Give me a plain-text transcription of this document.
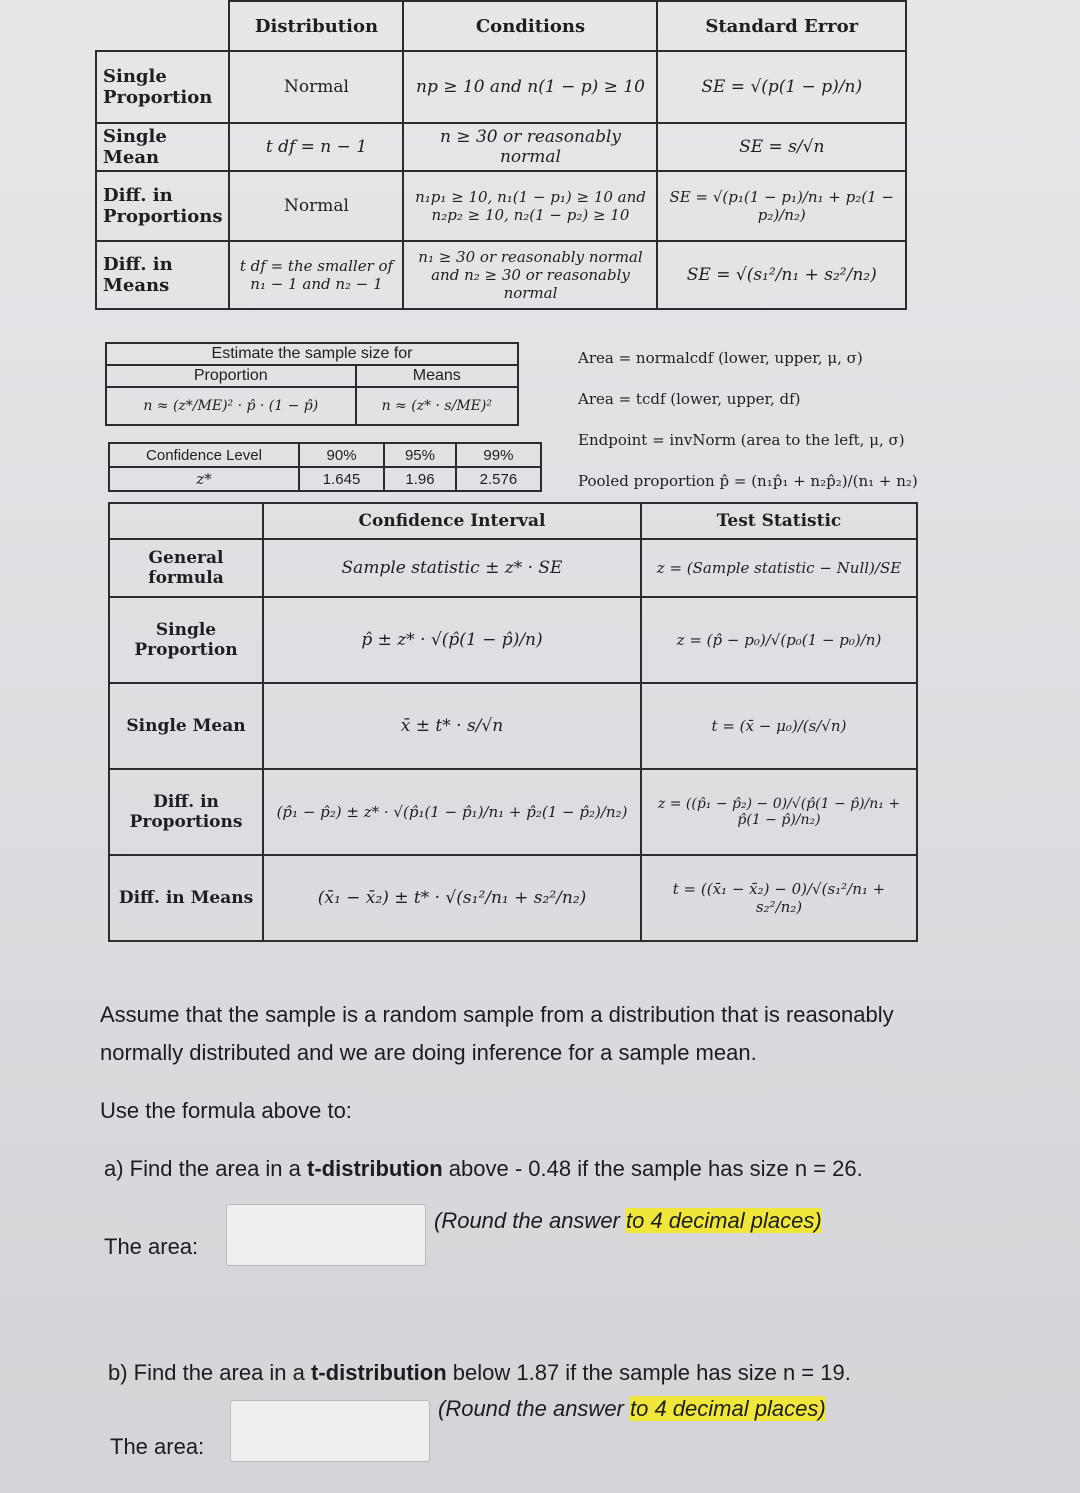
	Distribution	Conditions	Standard Error
Single Proportion	Normal	np ≥ 10 and n(1 − p) ≥ 10	SE = √(p(1 − p)/n)
Single Mean	t df = n − 1	n ≥ 30 or reasonably normal	SE = s/√n
Diff. in Proportions	Normal	n₁p₁ ≥ 10, n₁(1 − p₁) ≥ 10 and n₂p₂ ≥ 10, n₂(1 − p₂) ≥ 10	SE = √(p₁(1 − p₁)/n₁ + p₂(1 − p₂)/n₂)
Diff. in Means	t df = the smaller of n₁ − 1 and n₂ − 1	n₁ ≥ 30 or reasonably normal and n₂ ≥ 30 or reasonably normal	SE = √(s₁²/n₁ + s₂²/n₂)
Estimate the sample size for	
Proportion	Means
n ≈ (z*/ME)² · p̂ · (1 − p̂)	n ≈ (z* · s/ME)²
Area = normalcdf (lower, upper, μ, σ)
Area = tcdf (lower, upper, df)
Endpoint = invNorm (area to the left, μ, σ)
Pooled proportion p̂ = (n₁p̂₁ + n₂p̂₂)/(n₁ + n₂)
Confidence Level	90%	95%	99%
z*	1.645	1.96	2.576
	Confidence Interval	Test Statistic
General formula	Sample statistic ± z* · SE	z = (Sample statistic − Null)/SE
Single Proportion	p̂ ± z* · √(p̂(1 − p̂)/n)	z = (p̂ − p₀)/√(p₀(1 − p₀)/n)
Single Mean	x̄ ± t* · s/√n	t = (x̄ − μ₀)/(s/√n)
Diff. in Proportions	(p̂₁ − p̂₂) ± z* · √(p̂₁(1 − p̂₁)/n₁ + p̂₂(1 − p̂₂)/n₂)	z = ((p̂₁ − p̂₂) − 0)/√(p̂(1 − p̂)/n₁ + p̂(1 − p̂)/n₂)
Diff. in Means	(x̄₁ − x̄₂) ± t* · √(s₁²/n₁ + s₂²/n₂)	t = ((x̄₁ − x̄₂) − 0)/√(s₁²/n₁ + s₂²/n₂)
Assume that the sample is a random sample from a distribution that is reasonably
normally distributed and we are doing inference for a sample mean.
Use the formula above to:
a) Find the area in a t-distribution above - 0.48 if the sample has size n = 26.
The area:
(Round the answer to 4 decimal places)
b) Find the area in a t-distribution below 1.87 if the sample has size n = 19.
The area:
(Round the answer to 4 decimal places)
